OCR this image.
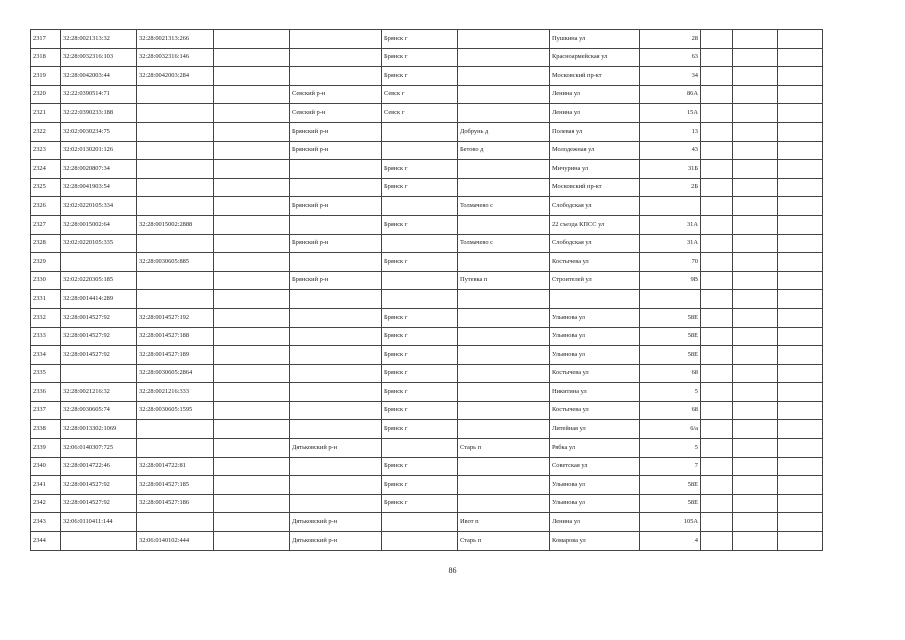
2317	32:28:0021313:32	32:28:0021313:266			Брянск г		Пушкина ул	28			
2318	32:28:0032316:103	32:28:0032316:146			Брянск г		Красноармейская ул	63			
2319	32:28:0042003:44	32:28:0042003:284			Брянск г		Московский пр-кт	34			
2320	32:22:0390514:71			Севский р-н	Севск г		Ленина ул	86А			
2321	32:22:0390233:188			Севский р-н	Севск г		Ленина ул	15А			
2322	32:02:0030234:75			Брянский р-н		Добрунь д	Полевая ул	13			
2323	32:02:0130201:126			Брянский р-н		Бетово д	Молодежная ул	43			
2324	32:28:0020807:34				Брянск г		Мичурина ул	31Б			
2325	32:28:0041903:54				Брянск г		Московский пр-кт	2Б			
2326	32:02:0220105:334			Брянский р-н		Толмачево с	Слободская ул				
2327	32:28:0015002:64	32:28:0015002:2888			Брянск г		22 съезда КПСС ул	31А			
2328	32:02:0220105:335			Брянский р-н		Толмачево с	Слободская ул	31А			
2329		32:28:0030605:885			Брянск г		Костычева ул	70			
2330	32:02:0220305:185			Брянский р-н		Путевка п	Строителей ул	9В			
2331	32:28:0014414:289										
2332	32:28:0014527:92	32:28:0014527:192			Брянск г		Ульянова ул	58Е			
2333	32:28:0014527:92	32:28:0014527:188			Брянск г		Ульянова ул	58Е			
2334	32:28:0014527:92	32:28:0014527:189			Брянск г		Ульянова ул	58Е			
2335		32:28:0030605:2864			Брянск г		Костычева ул	68			
2336	32:28:0021216:32	32:28:0021216:333			Брянск г		Никитина ул	5			
2337	32:28:0030605:74	32:28:0030605:1595			Брянск г		Костычева ул	68			
2338	32:28:0013302:1069				Брянск г		Литейная ул	6/а			
2339	32:06:0140307:725			Дятьковский р-н		Старь п	Рябка ул	5			
2340	32:28:0014722:46	32:28:0014722:81			Брянск г		Советская ул	7			
2341	32:28:0014527:92	32:28:0014527:185			Брянск г		Ульянова ул	58Е			
2342	32:28:0014527:92	32:28:0014527:186			Брянск г		Ульянова ул	58Е			
2343	32:06:0110411:144			Дятьковский р-н		Ивот п	Ленина ул	105А			
2344		32:06:0140102:444		Дятьковский р-н		Старь п	Комарова ул	4			
86
